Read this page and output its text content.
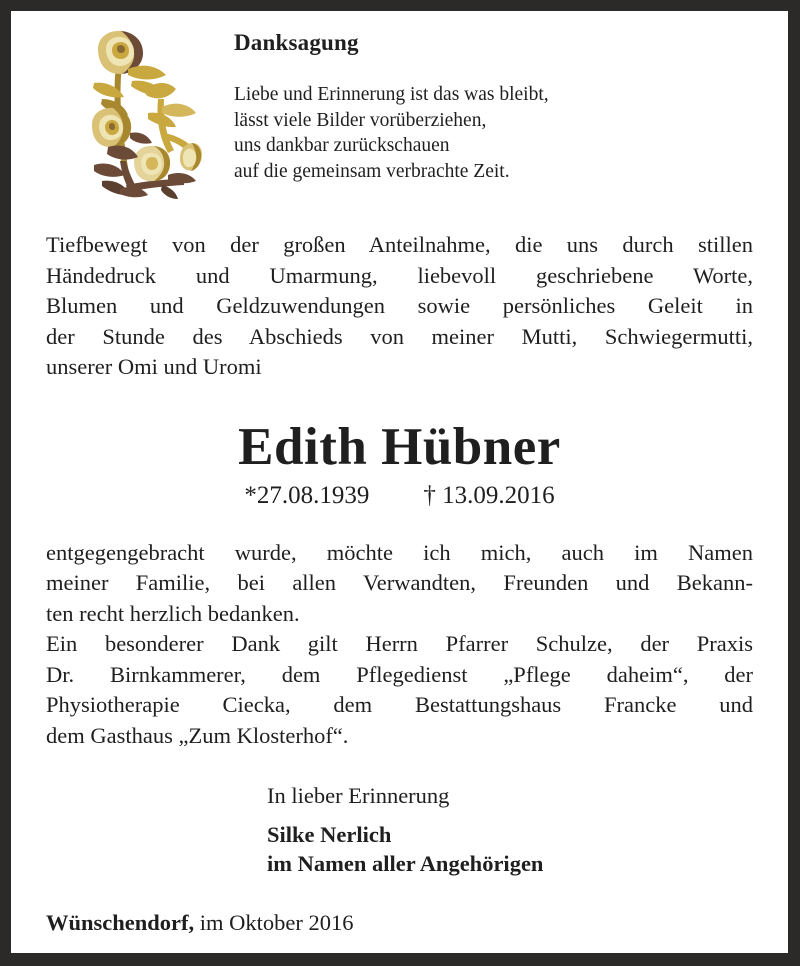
Danksagung
Liebe und Erinnerung ist das was bleibt,
lässt viele Bilder vorüberziehen,
uns dankbar zurückschauen
auf die gemeinsam verbrachte Zeit.

Tiefbewegt von der großen Anteilnahme, die uns durch stillen
Händedruck und Umarmung, liebevoll geschriebene Worte,
Blumen und Geldzuwendungen sowie persönliches Geleit in
der Stunde des Abschieds von meiner Mutti, Schwiegermutti,
unserer Omi und Uromi

Edith Hübner
*27.08.1939 † 13.09.2016

entgegengebracht wurde, möchte ich mich, auch im Namen
meiner Familie, bei allen Verwandten, Freunden und Bekann-
ten recht herzlich bedanken.

Ein besonderer Dank gilt Herrn Pfarrer Schulze, der Praxis
Dr. Birnkammerer, dem Pflegedienst „Pflege daheim“, der
Physiotherapie Ciecka, dem Bestattungshaus Francke und
dem Gasthaus „Zum Klosterhof“.

In lieber Erinnerung
Silke Nerlich
im Namen aller Angehörigen
Wünschendorf, im Oktober 2016
